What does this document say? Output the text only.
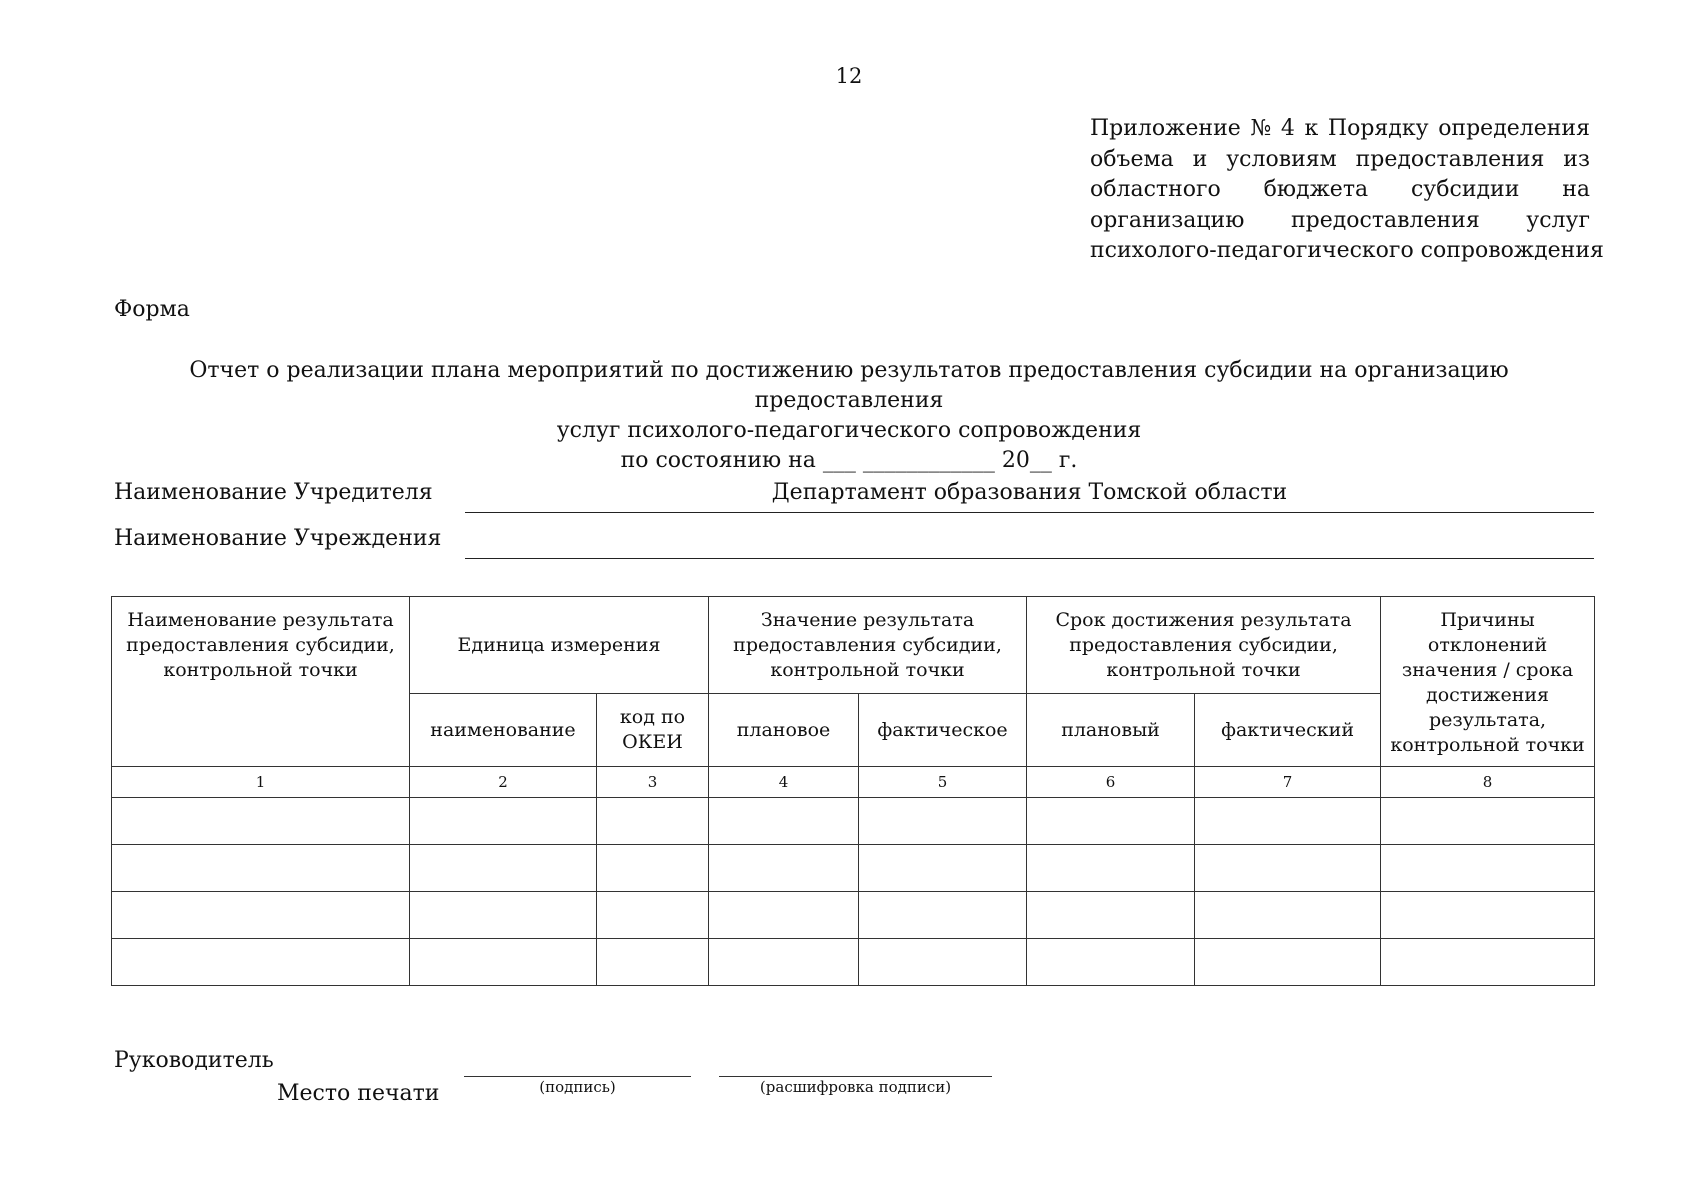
12
Приложение № 4 к Порядку определения
объема и условиям предоставления из
областного бюджета субсидии на
организацию предоставления услуг
психолого-педагогического сопровождения
Форма
Отчет о реализации плана мероприятий по достижению результатов предоставления субсидии на организацию предоставления
услуг психолого-педагогического сопровождения
по состоянию на ___ ____________ 20__ г.
Наименование Учредителя	Департамент образования Томской области
Наименование Учреждения
Наименование результата предоставления субсидии, контрольной точки	Единица измерения		Значение результата предоставления субсидии, контрольной точки		Срок достижения результата предоставления субсидии, контрольной точки		Причины отклонений значения / срока достижения результата, контрольной точки
	наименование	код по ОКЕИ	плановое	фактическое	плановый	фактический	
1	2	3	4	5	6	7	8

Руководитель
Место печати	(подпись)	(расшифровка подписи)
